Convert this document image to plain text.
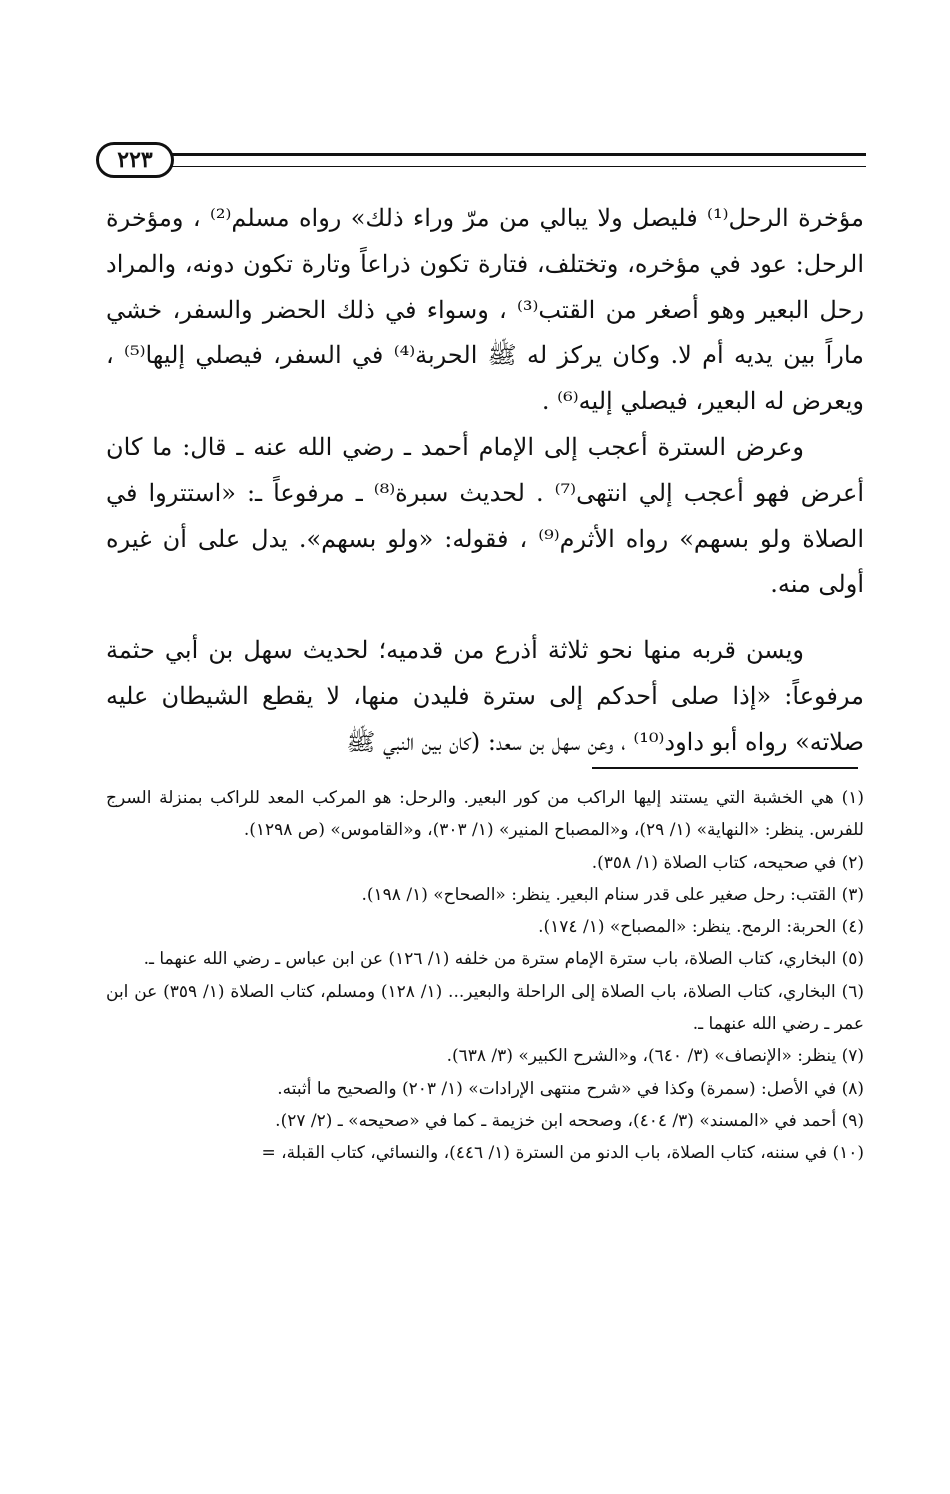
٢٢٣

مؤخرة الرحل⁽¹⁾ فليصل ولا يبالي من مرّ وراء ذلك» رواه مسلم⁽²⁾ ، ومؤخرة الرحل: عود في مؤخره، وتختلف، فتارة تكون ذراعاً وتارة تكون دونه، والمراد رحل البعير وهو أصغر من القتب⁽³⁾ ، وسواء في ذلك الحضر والسفر، خشي ماراً بين يديه أم لا. وكان يركز له ﷺ الحربة⁽⁴⁾ في السفر، فيصلي إليها⁽⁵⁾ ، ويعرض له البعير، فيصلي إليه⁽⁶⁾ .

وعرض السترة أعجب إلى الإمام أحمد ـ رضي الله عنه ـ قال: ما كان أعرض فهو أعجب إلي انتهى⁽⁷⁾ . لحديث سبرة⁽⁸⁾ ـ مرفوعاً ـ: «استتروا في الصلاة ولو بسهم» رواه الأثرم⁽⁹⁾ ، فقوله: «ولو بسهم». يدل على أن غيره أولى منه.

ويسن قربه منها نحو ثلاثة أذرع من قدميه؛ لحديث سهل بن أبي حثمة مرفوعاً: «إذا صلى أحدكم إلى سترة فليدن منها، لا يقطع الشيطان عليه صلاته» رواه أبو داود⁽¹⁰⁾ ، وعن سهل بن سعد: (كان بين النبي ﷺ

(١) هي الخشبة التي يستند إليها الراكب من كور البعير. والرحل: هو المركب المعد للراكب بمنزلة السرج للفرس. ينظر: «النهاية» (١/ ٢٩)، و«المصباح المنير» (١/ ٣٠٣)، و«القاموس» (ص ١٢٩٨).

(٢) في صحيحه، كتاب الصلاة (١/ ٣٥٨).

(٣) القتب: رحل صغير على قدر سنام البعير. ينظر: «الصحاح» (١/ ١٩٨).

(٤) الحربة: الرمح. ينظر: «المصباح» (١/ ١٧٤).

(٥) البخاري، كتاب الصلاة، باب سترة الإمام سترة من خلفه (١/ ١٢٦) عن ابن عباس ـ رضي الله عنهما ـ.

(٦) البخاري، كتاب الصلاة، باب الصلاة إلى الراحلة والبعير... (١/ ١٢٨) ومسلم، كتاب الصلاة (١/ ٣٥٩) عن ابن عمر ـ رضي الله عنهما ـ.

(٧) ينظر: «الإنصاف» (٣/ ٦٤٠)، و«الشرح الكبير» (٣/ ٦٣٨).

(٨) في الأصل: (سمرة) وكذا في «شرح منتهى الإرادات» (١/ ٢٠٣) والصحيح ما أثبته.

(٩) أحمد في «المسند» (٣/ ٤٠٤)، وصححه ابن خزيمة ـ كما في «صحيحه» ـ (٢/ ٢٧).

(١٠) في سننه، كتاب الصلاة، باب الدنو من السترة (١/ ٤٤٦)، والنسائي، كتاب القبلة، =
